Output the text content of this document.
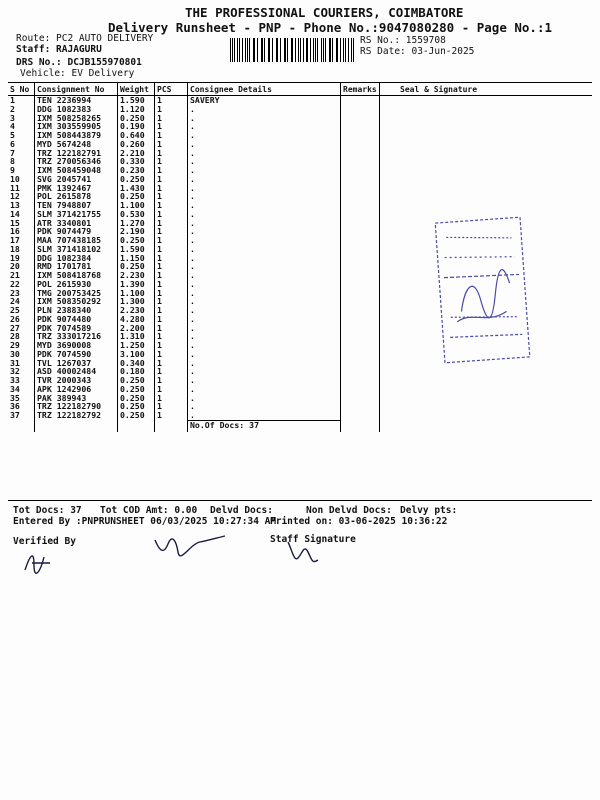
THE PROFESSIONAL COURIERS, COIMBATORE
Delivery Runsheet - PNP - Phone No.:9047080280 - Page No.:1
Route: PC2 AUTO DELIVERY
Staff: RAJAGURU
DRS No.: DCJB155970801
Vehicle: EV Delivery
RS No.: 1559708
RS Date: 03-Jun-2025
S No	Consignment No	Weight	PCS	Consignee Details	Remarks	Seal & Signature
1	TEN 2236994	1.590	1	SAVERY		
2	DDG 1082383	1.120	1	.		
3	IXM 508258265	0.250	1	.		
4	IXM 303559905	0.190	1	.		
5	IXM 508443879	0.640	1	.		
6	MYD 5674248	0.260	1	.		
7	TRZ 122182791	2.210	1	.		
8	TRZ 270056346	0.330	1	.		
9	IXM 508459048	0.230	1	.		
10	SVG 2045741	0.250	1	.		
11	PMK 1392467	1.430	1	.		
12	POL 2615878	0.250	1	.		
13	TEN 7948807	1.100	1	.		
14	SLM 371421755	0.530	1	.		
15	ATR 3340801	1.270	1	.		
16	PDK 9074479	2.190	1	.		
17	MAA 707438185	0.250	1	.		
18	SLM 371418102	1.590	1	.		
19	DDG 1082384	1.150	1	.		
20	RMD 1701781	0.250	1	.		
21	IXM 508418768	2.230	1	.		
22	POL 2615930	1.390	1	.		
23	TMG 200753425	1.100	1	.		
24	IXM 508350292	1.300	1	.		
25	PLN 2388340	2.230	1	.		
26	PDK 9074480	4.280	1	.		
27	PDK 7074589	2.200	1	.		
28	TRZ 333017216	1.310	1	.		
29	MYD 3690008	1.250	1	.		
30	PDK 7074590	3.100	1	.		
31	TVL 1267037	0.340	1	.		
32	ASD 40002484	0.180	1	.		
33	TVR 2000343	0.250	1	.		
34	APK 1242906	0.250	1	.		
35	PAK 389943	0.250	1	.		
36	TRZ 122182790	0.250	1	.		
37	TRZ 122182792	0.250	1	.		
				No.Of Docs: 37		
Tot Docs: 37 Tot COD Amt: 0.00 Delvd Docs:	Non Delvd Docs: Delvy pts:
Entered By :PNPRUNSHEET 06/03/2025 10:27:34 AM
Printed on: 03-06-2025 10:36:22
Verified By	Staff Signature
